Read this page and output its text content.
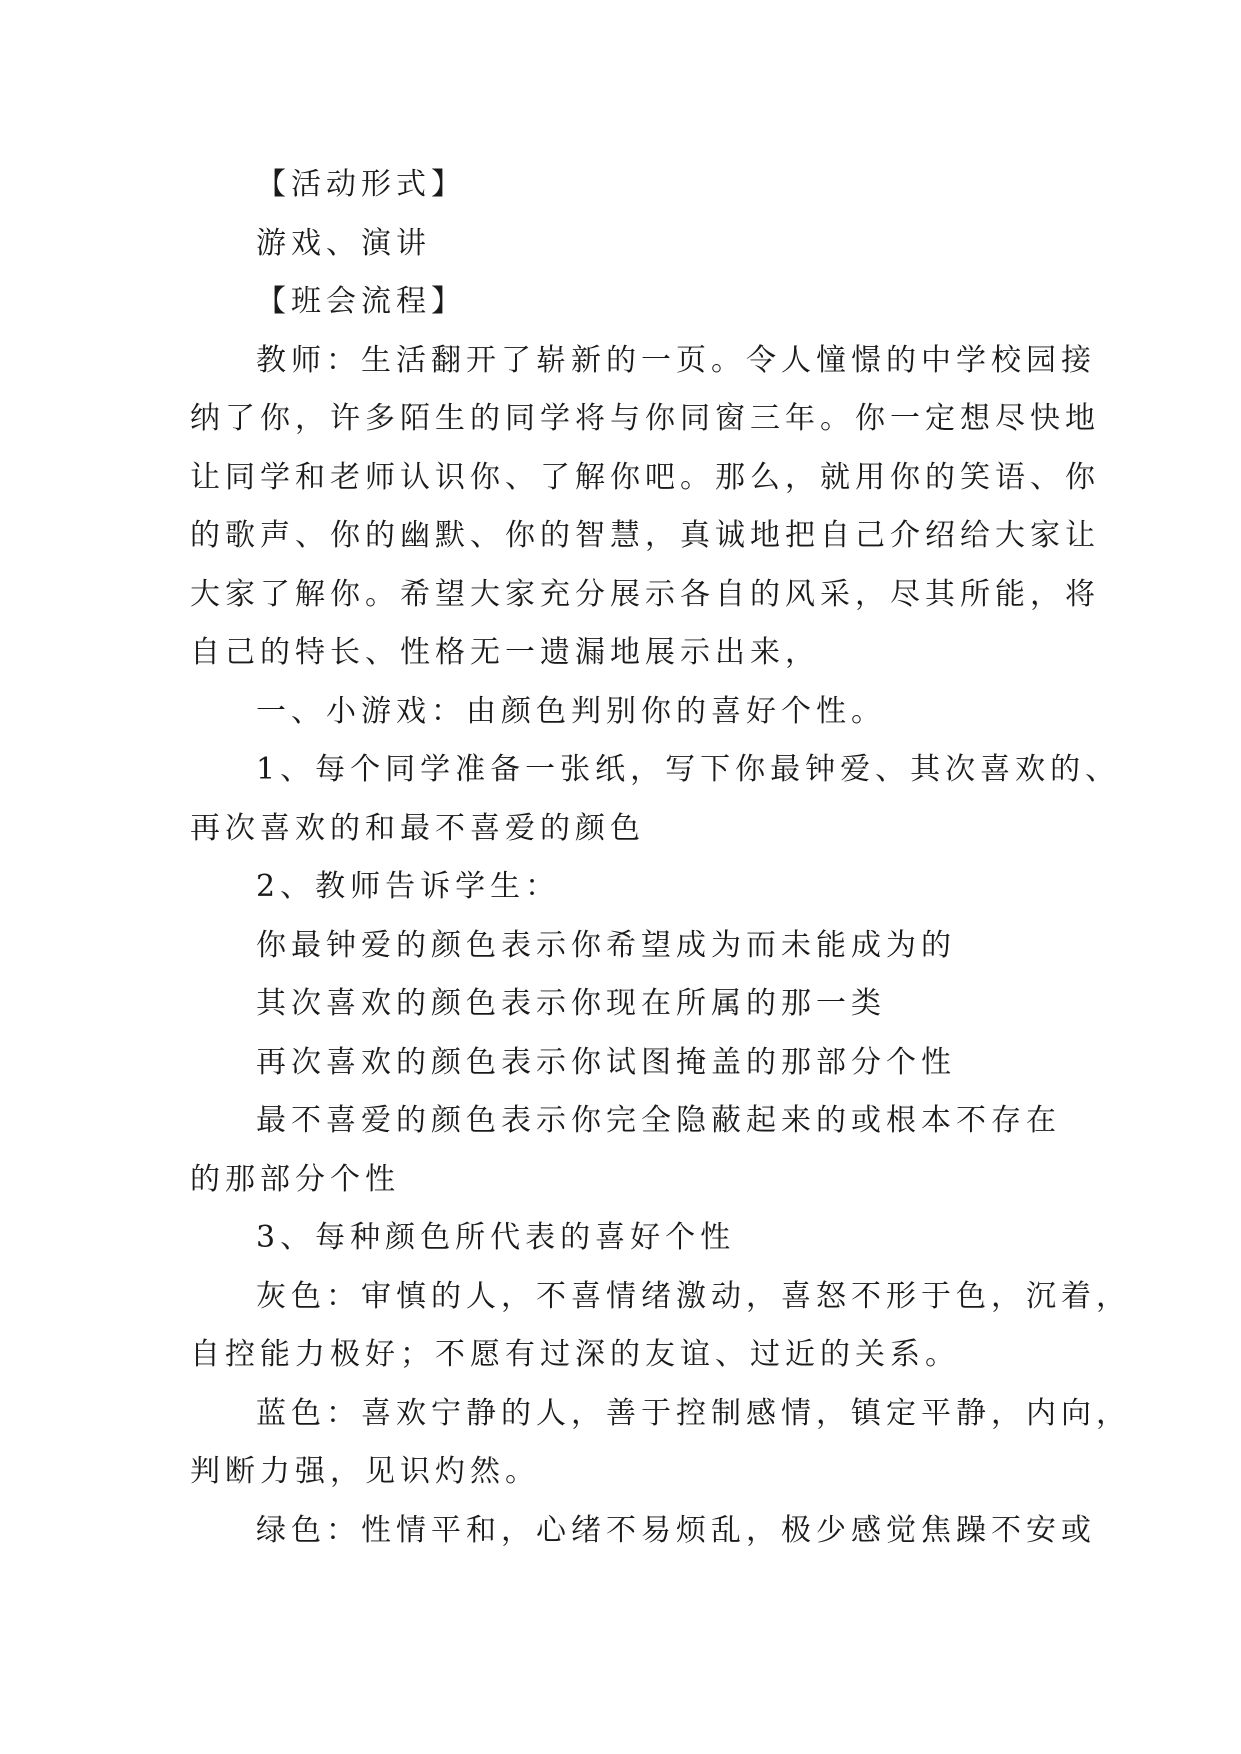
【活动形式】

游戏、演讲

【班会流程】

教师：生活翻开了崭新的一页。令人憧憬的中学校园接

纳了你，许多陌生的同学将与你同窗三年。你一定想尽快地

让同学和老师认识你、了解你吧。那么，就用你的笑语、你

的歌声、你的幽默、你的智慧，真诚地把自己介绍给大家让

大家了解你。希望大家充分展示各自的风采，尽其所能，将

自己的特长、性格无一遗漏地展示出来，

一、小游戏：由颜色判别你的喜好个性。

1、每个同学准备一张纸，写下你最钟爱、其次喜欢的、

再次喜欢的和最不喜爱的颜色

2、教师告诉学生：

你最钟爱的颜色表示你希望成为而未能成为的

其次喜欢的颜色表示你现在所属的那一类

再次喜欢的颜色表示你试图掩盖的那部分个性

最不喜爱的颜色表示你完全隐蔽起来的或根本不存在

的那部分个性

3、每种颜色所代表的喜好个性

灰色：审慎的人，不喜情绪激动，喜怒不形于色，沉着，

自控能力极好；不愿有过深的友谊、过近的关系。

蓝色：喜欢宁静的人，善于控制感情，镇定平静，内向，

判断力强，见识灼然。

绿色：性情平和，心绪不易烦乱，极少感觉焦躁不安或
